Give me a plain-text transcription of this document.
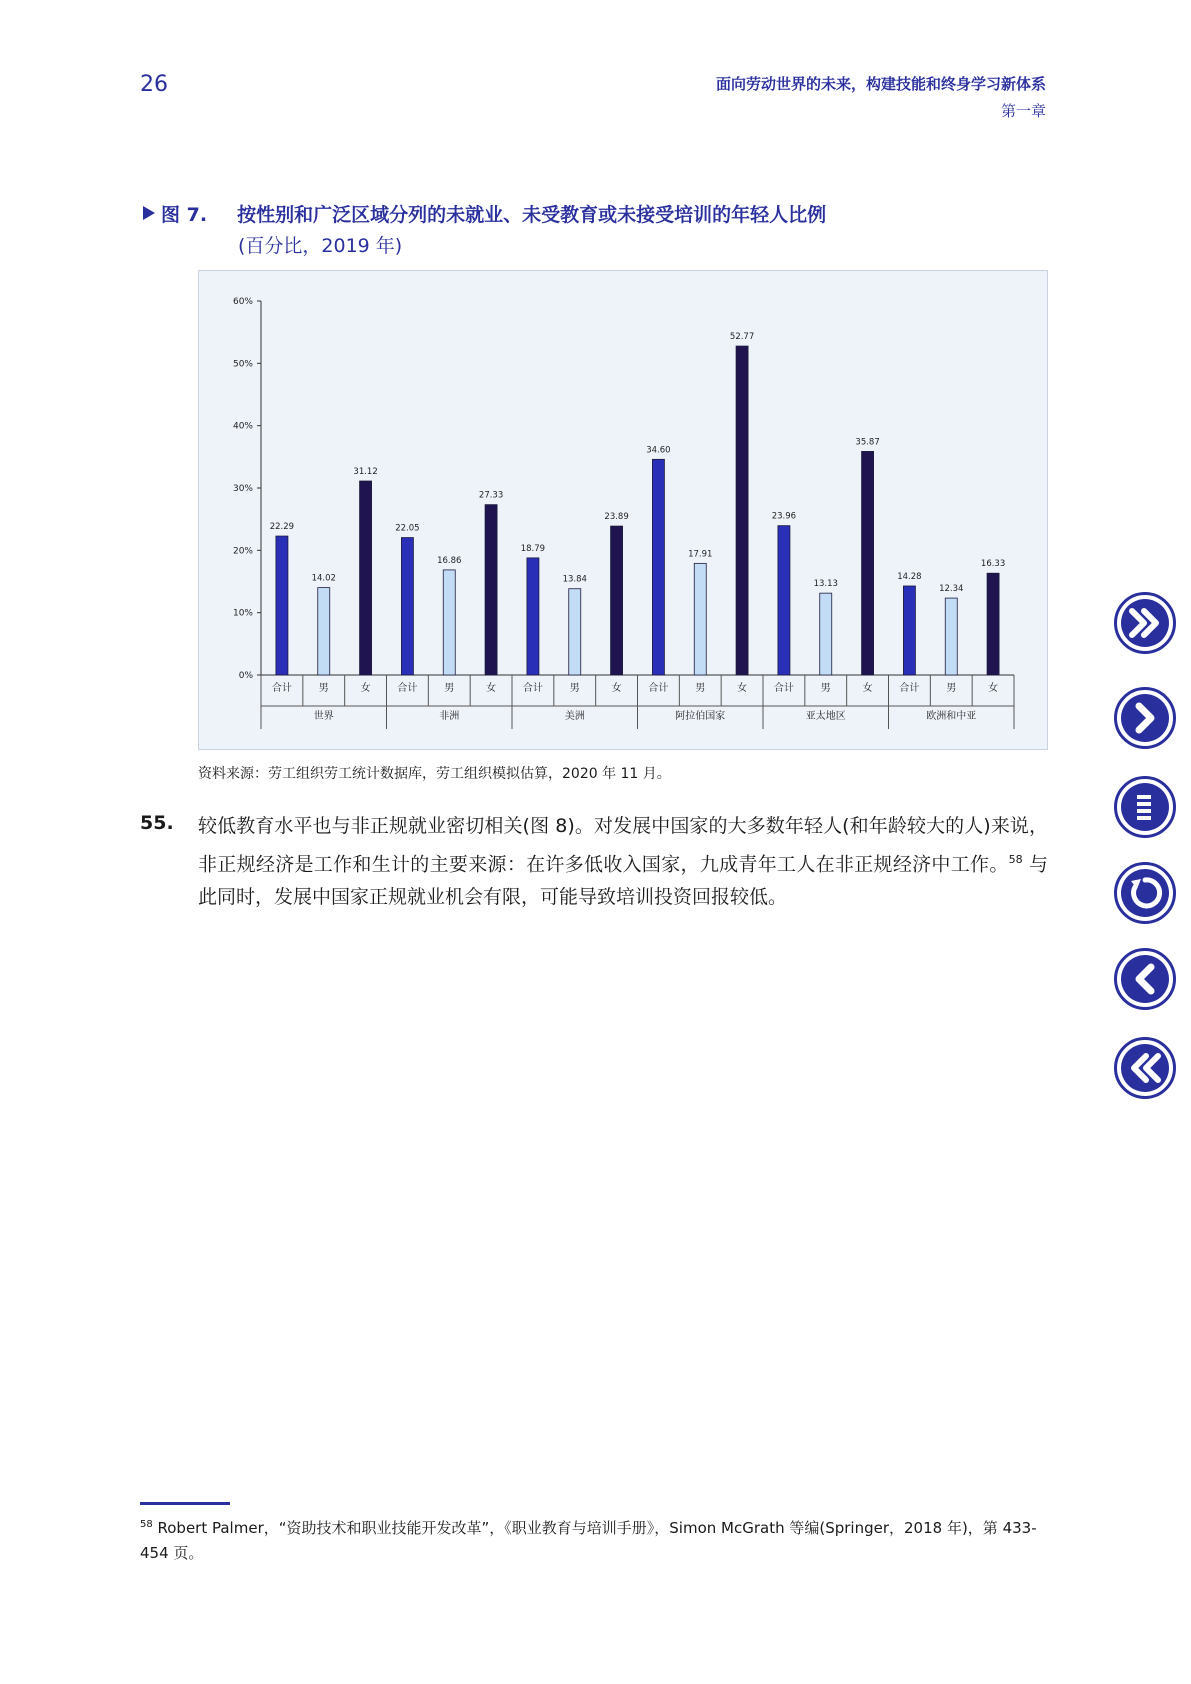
26	面向劳动世界的未来，构建技能和终身学习新体系
第一章
图 7. 按性别和广泛区域分列的未就业、未受教育或未接受培训的年轻人比例
(百分比，2019 年)
0%
10%
20%
30%
40%
50%
60%
22.29
合计
14.02
男
31.12
女
世界
22.05
合计
16.86
男
27.33
女
非洲
18.79
合计
13.84
男
23.89
女
美洲
34.60
合计
17.91
男
52.77
女
阿拉伯国家
23.96
合计
13.13
男
35.87
女
亚太地区
14.28
合计
12.34
男
16.33
女
欧洲和中亚
资料来源：劳工组织劳工统计数据库，劳工组织模拟估算，2020 年 11 月。
55. 较低教育水平也与非正规就业密切相关(图 8)。对发展中国家的大多数年轻人(和年龄较大的人)来说，非正规经济是工作和生计的主要来源：在许多低收入国家，九成青年工人在非正规经济中工作。$^{58}$ 与此同时，发展中国家正规就业机会有限，可能导致培训投资回报较低。
$^{58}$ Robert Palmer，“资助技术和职业技能开发改革”，《职业教育与培训手册》，Simon McGrath 等编(Springer，2018 年)，第 433-454 页。
